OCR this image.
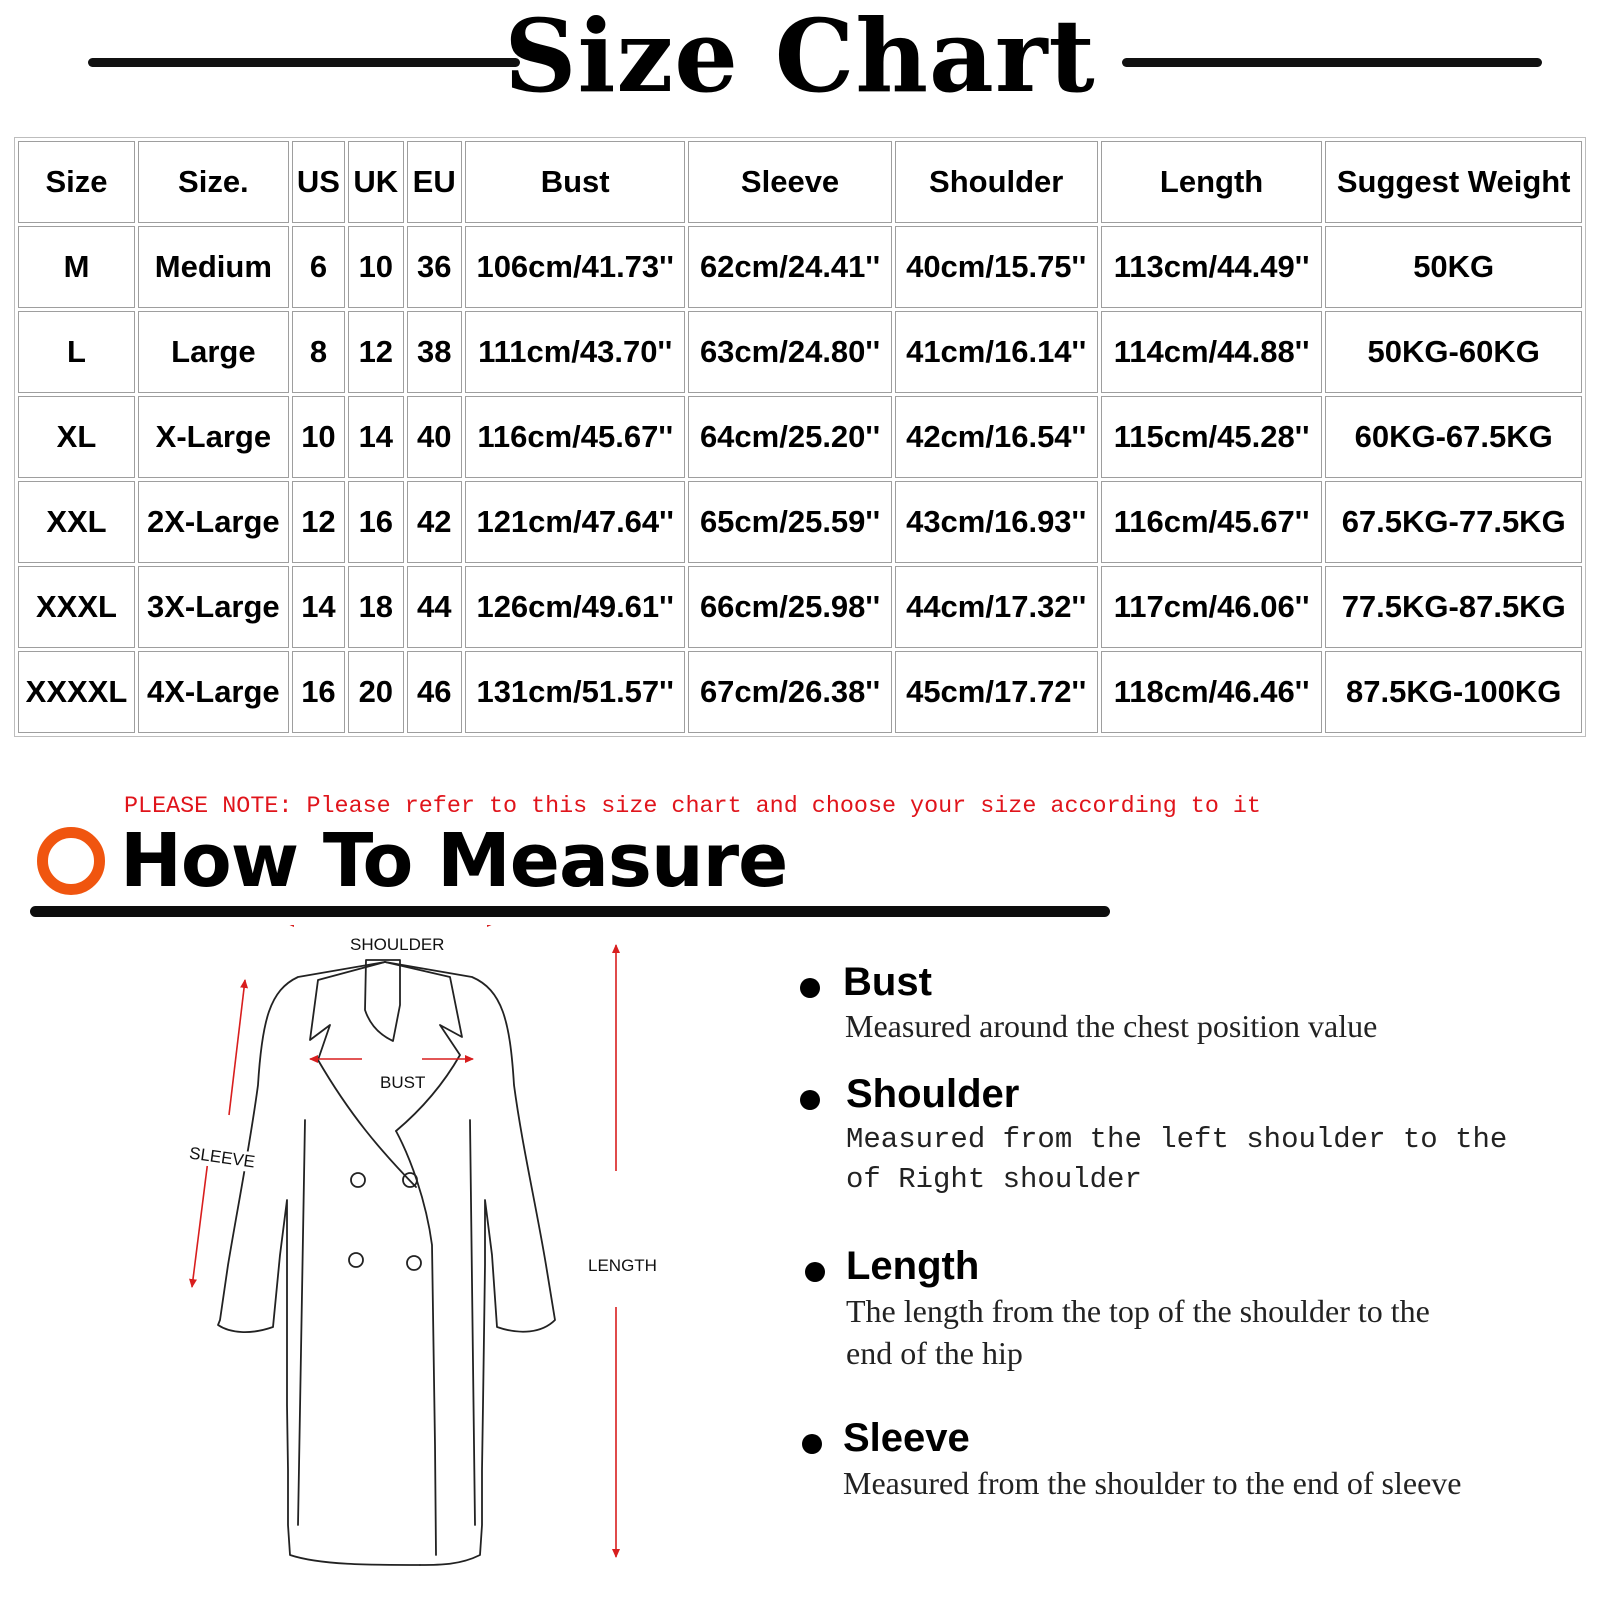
Size Chart
Size	Size.	US	UK	EU	Bust	Sleeve	Shoulder	Length	Suggest Weight
M	Medium	6	10	36	106cm/41.73''	62cm/24.41''	40cm/15.75''	113cm/44.49''	50KG
L	Large	8	12	38	111cm/43.70''	63cm/24.80''	41cm/16.14''	114cm/44.88''	50KG-60KG
XL	X-Large	10	14	40	116cm/45.67''	64cm/25.20''	42cm/16.54''	115cm/45.28''	60KG-67.5KG
XXL	2X-Large	12	16	42	121cm/47.64''	65cm/25.59''	43cm/16.93''	116cm/45.67''	67.5KG-77.5KG
XXXL	3X-Large	14	18	44	126cm/49.61''	66cm/25.98''	44cm/17.32''	117cm/46.06''	77.5KG-87.5KG
XXXXL	4X-Large	16	20	46	131cm/51.57''	67cm/26.38''	45cm/17.72''	118cm/46.46''	87.5KG-100KG
PLEASE NOTE: Please refer to this size chart and choose your size according to it
How To Measure
SHOULDER
BUST
SLEEVE
LENGTH
Bust
Measured around the chest position value
Shoulder
Measured from the left shoulder to the
of Right shoulder
Length
The length from the top of the shoulder to the end of the hip
Sleeve
Measured from the shoulder to the end of sleeve
